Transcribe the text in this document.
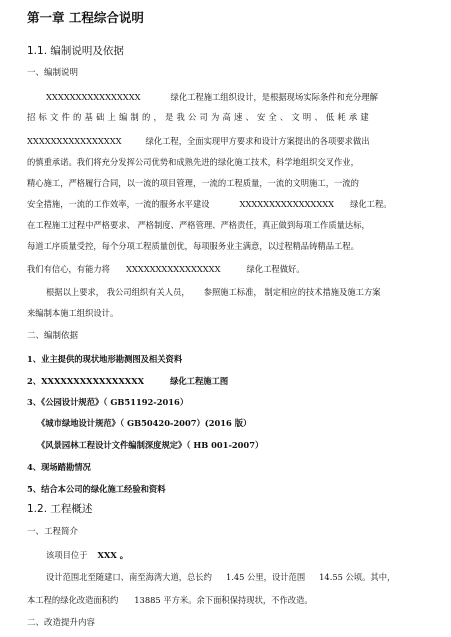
第一章 工程综合说明
1.1. 编制说明及依据
一、编制说明
XXXXXXXXXXXXXXXX	绿化工程施工组织设计，是根据现场实际条件和充分理解
招标文件的基础上编制的，是我公司为高速、安全、文明、低耗承建
XXXXXXXXXXXXXXXX	绿化工程，全面实现甲方要求和设计方案提出的各项要求做出
的慎重承诺。我们将充分发挥公司优势和成熟先进的绿化施工技术，科学地组织交叉作业，
精心施工，严格履行合同，以一流的项目管理，一流的工程质量，一流的文明施工，一流的
安全措施，一流的工作效率，一流的服务水平建设	XXXXXXXXXXXXXXXX 绿化工程。
在工程施工过程中严格要求、 严格制度、严格管理、严格责任，真正做到每项工作质量达标，
每道工序质量受控，每个分项工程质量创优，每项服务业主满意，以过程精品铸精品工程。
我们有信心，有能力将 XXXXXXXXXXXXXXXX	绿化工程做好。
根据以上要求， 我公司组织有关人员， 参照施工标准， 制定相应的技术措施及施工方案
来编制本施工组织设计。
二、编制依据
1、业主提供的现状地形勘测图及相关资料
2、XXXXXXXXXXXXXXXX	绿化工程施工图
3、《公园设计规范》（ GB51192-2016）
《城市绿地设计规范》（ GB50420-2007）(2016 版）
《风景园林工程设计文件编制深度规定》（ HB 001-2007）
4、现场踏勘情况
5、结合本公司的绿化施工经验和资料
1.2. 工程概述
一、工程简介
该项目位于 XXX 。
设计范围北至随建口、南至海湾大道，总长约 1.45 公里，设计范围 14.55 公顷。其中，
本工程的绿化改造面积约 13885 平方米。余下面积保持现状，不作改造。
二、改造提升内容
